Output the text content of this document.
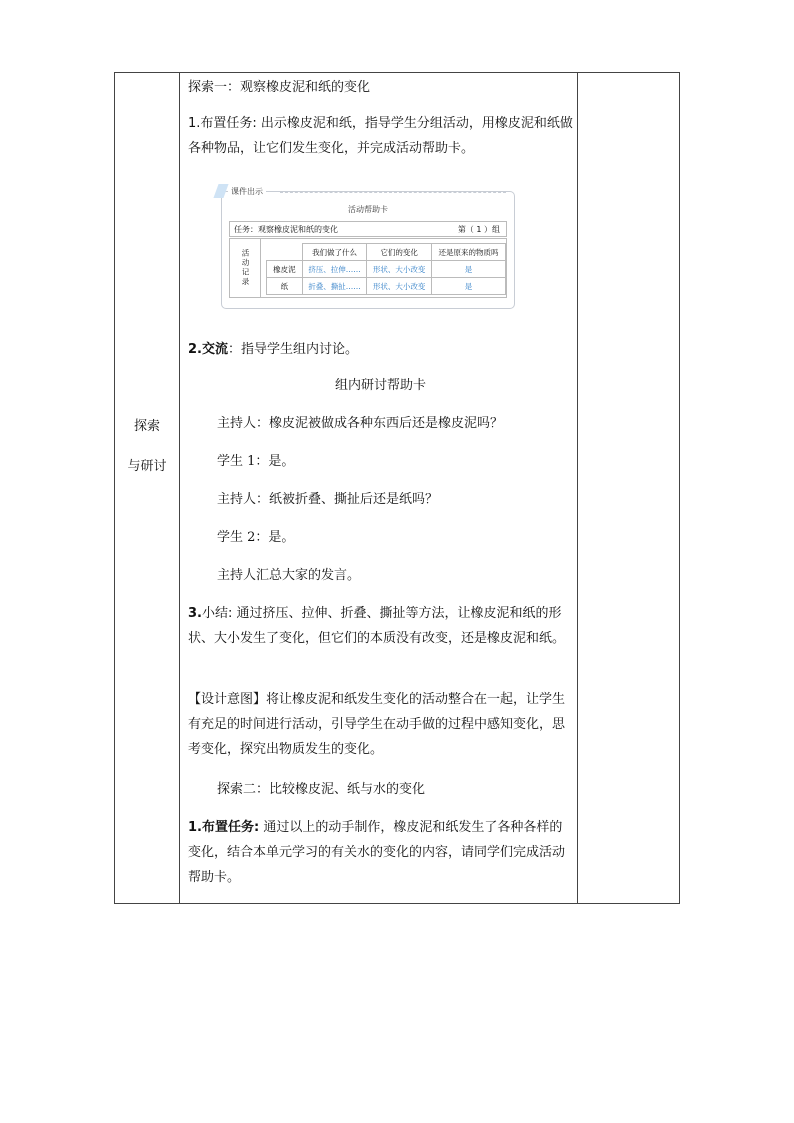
探索
与研讨

探索一：观察橡皮泥和纸的变化

1.布置任务: 出示橡皮泥和纸，指导学生分组活动，用橡皮泥和纸做各种物品，让它们发生变化，并完成活动帮助卡。

课件出示
活动帮助卡
任务：观察橡皮泥和纸的变化	第（ 1 ）组
活动记录
		我们做了什么	它们的变化	还是原来的物质吗
橡皮泥	挤压、拉伸……	形状、大小改变	是
纸	折叠、撕扯……	形状、大小改变	是

2.交流：指导学生组内讨论。

组内研讨帮助卡

主持人：橡皮泥被做成各种东西后还是橡皮泥吗？

学生 1：是。

主持人：纸被折叠、撕扯后还是纸吗？

学生 2：是。

主持人汇总大家的发言。

3.小结: 通过挤压、拉伸、折叠、撕扯等方法，让橡皮泥和纸的形状、大小发生了变化，但它们的本质没有改变，还是橡皮泥和纸。

【设计意图】将让橡皮泥和纸发生变化的活动整合在一起，让学生有充足的时间进行活动，引导学生在动手做的过程中感知变化，思考变化，探究出物质发生的变化。

探索二：比较橡皮泥、纸与水的变化

1.布置任务: 通过以上的动手制作，橡皮泥和纸发生了各种各样的变化，结合本单元学习的有关水的变化的内容，请同学们完成活动帮助卡。
